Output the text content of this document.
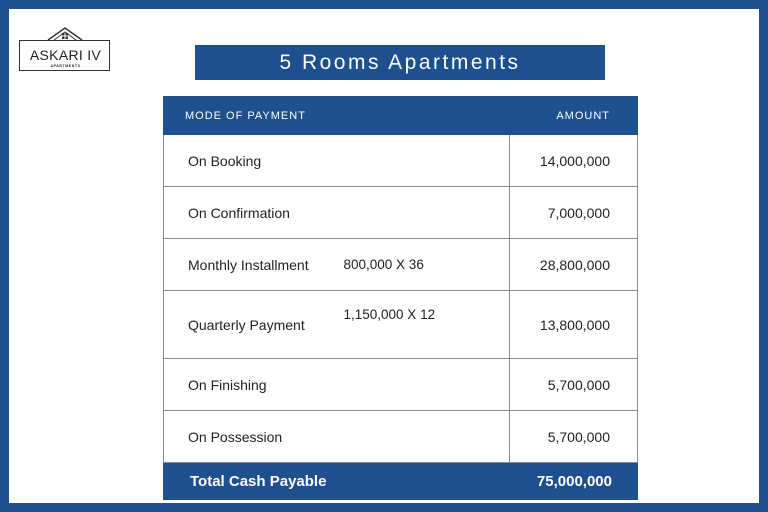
ASKARI IV
APARTMENTS	5 Rooms Apartments
MODE OF PAYMENT		AMOUNT
On Booking		14,000,000
On Confirmation		7,000,000
Monthly Installment	800,000 X 36	28,800,000
Quarterly Payment	1,150,000 X 12	13,800,000
On Finishing		5,700,000
On Possession		5,700,000
Total Cash Payable		75,000,000
